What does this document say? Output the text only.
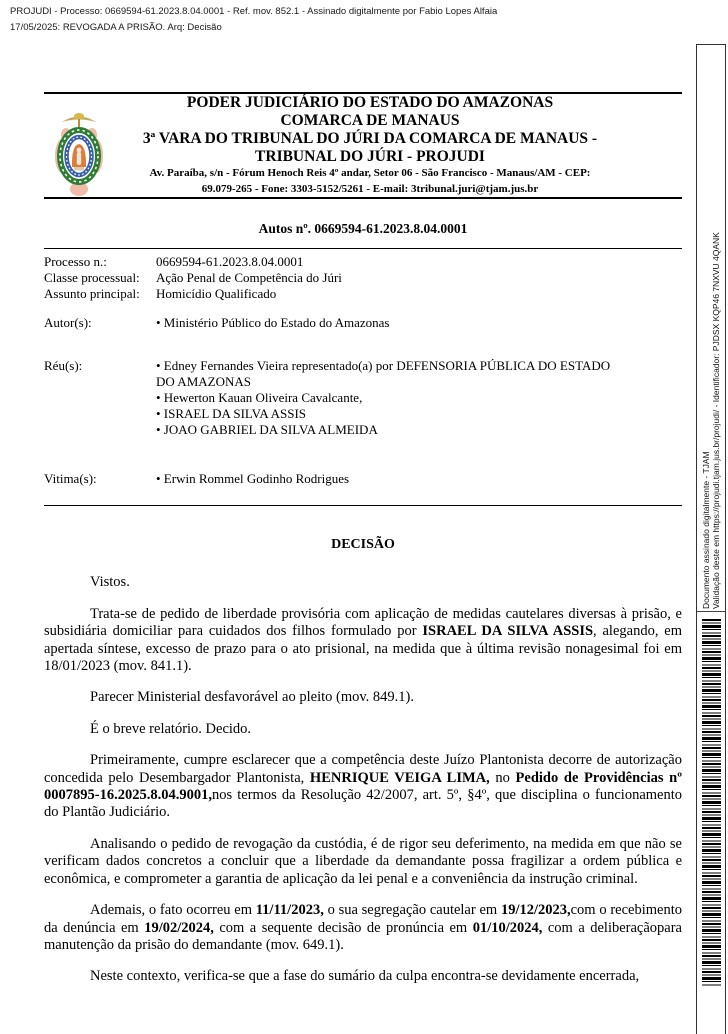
PROJUDI - Processo: 0669594-61.2023.8.04.0001 - Ref. mov. 852.1 - Assinado digitalmente por Fabio Lopes Alfaia
17/05/2025: REVOGADA A PRISÃO. Arq: Decisão
PODER JUDICIÁRIO DO ESTADO DO AMAZONAS
COMARCA DE MANAUS
3ª VARA DO TRIBUNAL DO JÚRI DA COMARCA DE MANAUS -
TRIBUNAL DO JÚRI - PROJUDI
Av. Paraíba, s/n - Fórum Henoch Reis 4º andar, Setor 06 - São Francisco - Manaus/AM - CEP:
69.079-265 - Fone: 3303-5152/5261 - E-mail: 3tribunal.juri@tjam.jus.br
Autos nº. 0669594-61.2023.8.04.0001
Processo n.:	0669594-61.2023.8.04.0001
Classe processual:	Ação Penal de Competência do Júri
Assunto principal:	Homicídio Qualificado
Autor(s):	• Ministério Público do Estado do Amazonas
Réu(s):	• Edney Fernandes Vieira representado(a) por DEFENSORIA PÚBLICA DO ESTADO DO AMAZONAS
• Hewerton Kauan Oliveira Cavalcante,
• ISRAEL DA SILVA ASSIS
• JOAO GABRIEL DA SILVA ALMEIDA
Vitima(s):	• Erwin Rommel Godinho Rodrigues

DECISÃO

Vistos.

Trata-se de pedido de liberdade provisória com aplicação de medidas cautelares diversas à prisão, e subsidiária domiciliar para cuidados dos filhos formulado por ISRAEL DA SILVA ASSIS, alegando, em apertada síntese, excesso de prazo para o ato prisional, na medida que à última revisão nonagesimal foi em 18/01/2023 (mov. 841.1).

Parecer Ministerial desfavorável ao pleito (mov. 849.1).

É o breve relatório. Decido.

Primeiramente, cumpre esclarecer que a competência deste Juízo Plantonista decorre de autorização concedida pelo Desembargador Plantonista, HENRIQUE VEIGA LIMA, no Pedido de Providências nº 0007895-16.2025.8.04.9001,nos termos da Resolução 42/2007, art. 5º, §4º, que disciplina o funcionamento do Plantão Judiciário.

Analisando o pedido de revogação da custódia, é de rigor seu deferimento, na medida em que não se verificam dados concretos a concluir que a liberdade da demandante possa fragilizar a ordem pública e econômica, e comprometer a garantia de aplicação da lei penal e a conveniência da instrução criminal.

Ademais, o fato ocorreu em 11/11/2023, o sua segregação cautelar em 19/12/2023,com o recebimento da denúncia em 19/02/2024, com a sequente decisão de pronúncia em 01/10/2024, com a deliberaçãopara manutenção da prisão do demandante (mov. 649.1).

Neste contexto, verifica-se que a fase do sumário da culpa encontra-se devidamente encerrada,

Documento assinado digitalmente - TJAM Validação deste em https://projudi.tjam.jus.br/projudi/ - Identificador: PJDSX KQP46 7NXVU 4QANK
